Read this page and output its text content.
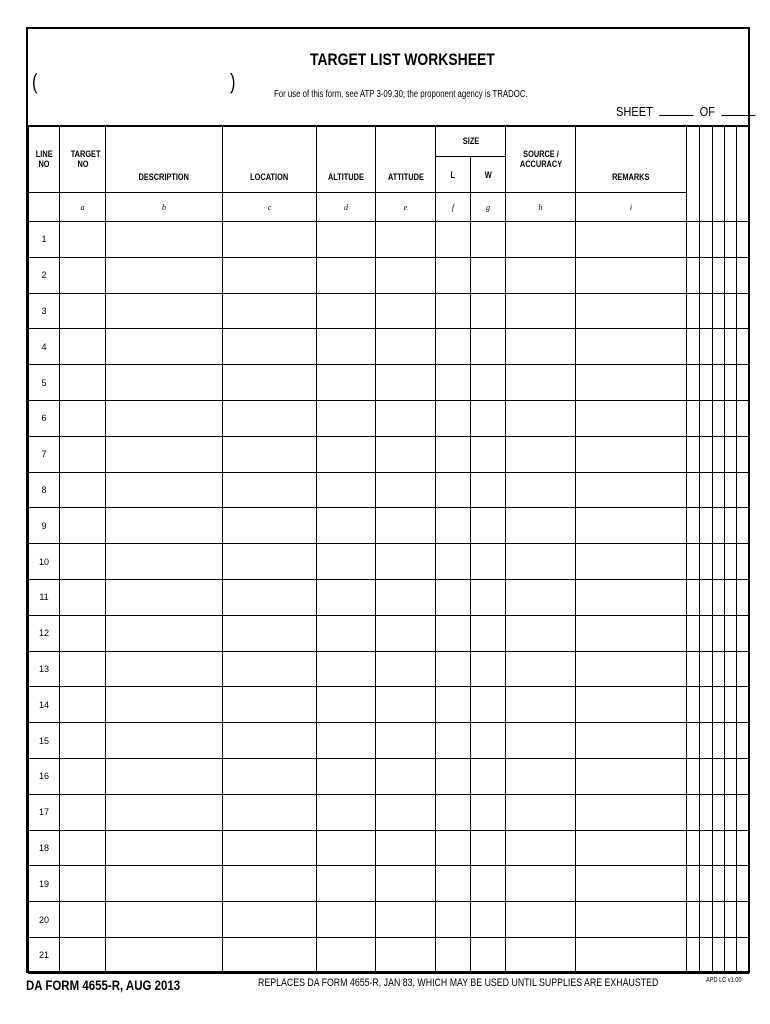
(	)
TARGET LIST WORKSHEET
For use of this form, see ATP 3-09.30; the proponent agency is TRADOC.
SHEET	OF
LINE NO	TARGET NO	DESCRIPTION	LOCATION	ALTITUDE	ATTITUDE	SIZE		SOURCE / ACCURACY	REMARKS					
						L	W							
	a	b	c	d	e	f	g	h	i					
1														
2														
3														
4														
5														
6														
7														
8														
9														
10														
11														
12														
13														
14														
15														
16														
17														
18														
19														
20														
21														
DA FORM 4655-R, AUG 2013	REPLACES DA FORM 4655-R, JAN 83, WHICH MAY BE USED UNTIL SUPPLIES ARE EXHAUSTED	APD LC v1.00
